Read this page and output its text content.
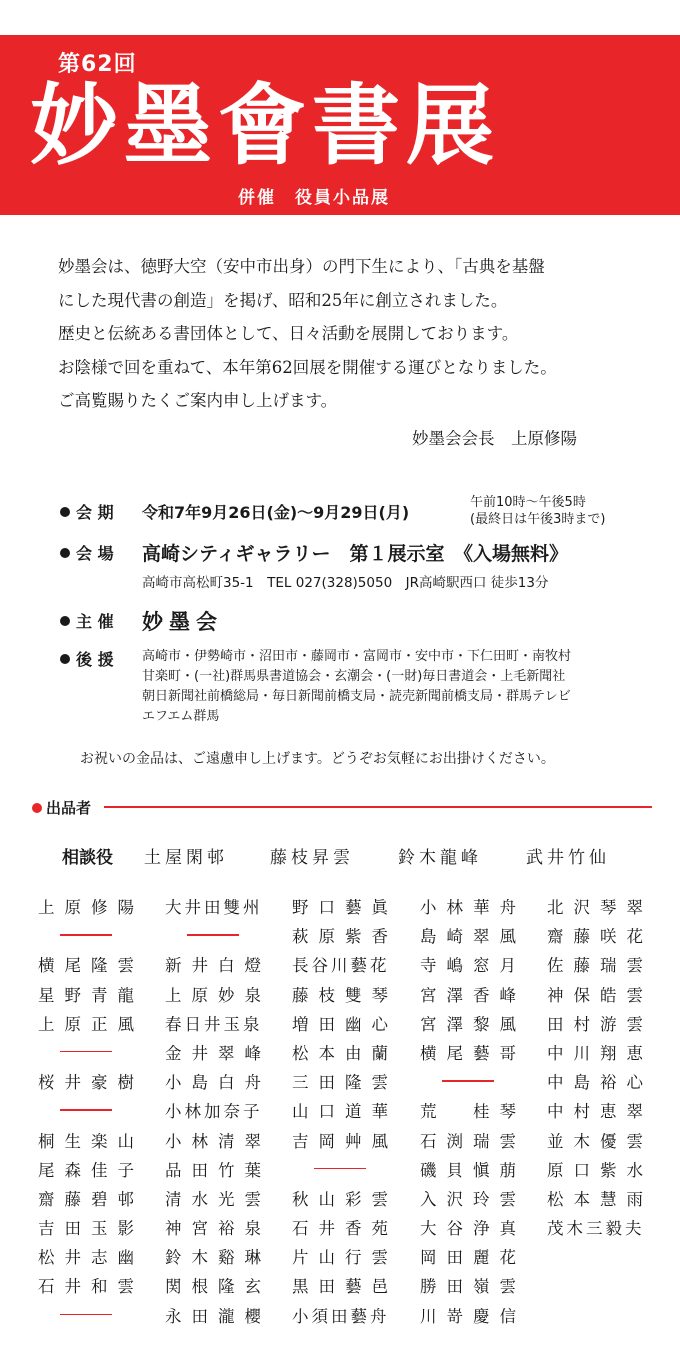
第62回
妙墨會書展
併催　役員小品展

妙墨会は、徳野大空（安中市出身）の門下生により、「古典を基盤

にした現代書の創造」を掲げ、昭和25年に創立されました。

歴史と伝統ある書団体として、日々活動を展開しております。

お陰様で回を重ねて、本年第62回展を開催する運びとなりました。

ご高覧賜りたくご案内申し上げます。

妙墨会会長　上原修陽
会 期 令和7年9月26日(金)～9月29日(月)
午前10時～午後5時
(最終日は午後3時まで)
会 場 高崎シティギャラリー　第１展示室　《入場無料》
高崎市高松町35-1　TEL 027(328)5050　JR高崎駅西口 徒歩13分
主 催 妙墨会
後 援 高崎市・伊勢崎市・沼田市・藤岡市・富岡市・安中市・下仁田町・南牧村
甘楽町・(一社)群馬県書道協会・玄潮会・(一財)毎日書道会・上毛新聞社
朝日新聞社前橋総局・毎日新聞前橋支局・読売新聞前橋支局・群馬テレビ
エフエム群馬
お祝いの金品は、ご遠慮申し上げます。どうぞお気軽にお出掛けください。
出品者
相談役 土屋閑邨 藤枝昇雲	鈴木龍峰	武井竹仙
上原修陽
横尾隆雲
星野青龍
上原正風
桜井豪樹
桐生楽山
尾森佳子
齋藤碧邨
吉田玉影
松井志幽
石井和雲
大井田雙州
新井白燈
上原妙泉
春日井玉泉
金井翠峰
小島白舟
小林加奈子
小林清翠
品田竹葉
清水光雲
神宮裕泉
鈴木谿琳
関根隆玄
永田瀧櫻
野口藝眞
萩原紫香
長谷川藝花
藤枝雙琴
増田幽心
松本由蘭
三田隆雲
山口道華
吉岡艸風
秋山彩雲
石井香苑
片山行雲
黒田藝邑
小須田藝舟
小林華舟
島崎翠風
寺嶋窓月
宮澤香峰
宮澤黎風
横尾藝哥
荒　桂琴
石渕瑞雲
磯貝愼萠
入沢玲雲
大谷浄真
岡田麗花
勝田嶺雲
川嵜慶信
北沢琴翠
齋藤咲花
佐藤瑞雲
神保皓雲
田村游雲
中川翔恵
中島裕心
中村恵翠
並木優雲
原口紫水
松本慧雨
茂木三毅夫
